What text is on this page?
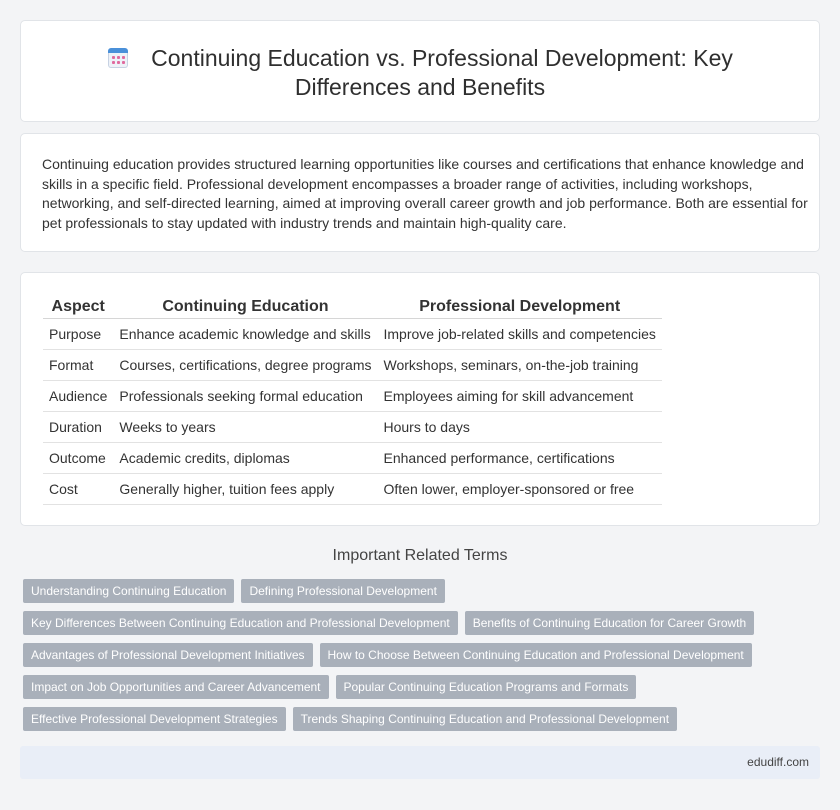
Continuing Education vs. Professional Development: Key
Differences and Benefits

Continuing education provides structured learning opportunities like courses and certifications that enhance knowledge and skills in a specific field. Professional development encompasses a broader range of activities, including workshops, networking, and self-directed learning, aimed at improving overall career growth and job performance. Both are essential for pet professionals to stay updated with industry trends and maintain high-quality care.

Aspect	Continuing Education	Professional Development
Purpose	Enhance academic knowledge and skills	Improve job-related skills and competencies
Format	Courses, certifications, degree programs	Workshops, seminars, on-the-job training
Audience	Professionals seeking formal education	Employees aiming for skill advancement
Duration	Weeks to years	Hours to days
Outcome	Academic credits, diplomas	Enhanced performance, certifications
Cost	Generally higher, tuition fees apply	Often lower, employer-sponsored or free
Important Related Terms
Understanding Continuing Education	Defining Professional Development
Key Differences Between Continuing Education and Professional Development	Benefits of Continuing Education for Career Growth
Advantages of Professional Development Initiatives	How to Choose Between Continuing Education and Professional Development
Impact on Job Opportunities and Career Advancement	Popular Continuing Education Programs and Formats
Effective Professional Development Strategies	Trends Shaping Continuing Education and Professional Development
edudiff.com
